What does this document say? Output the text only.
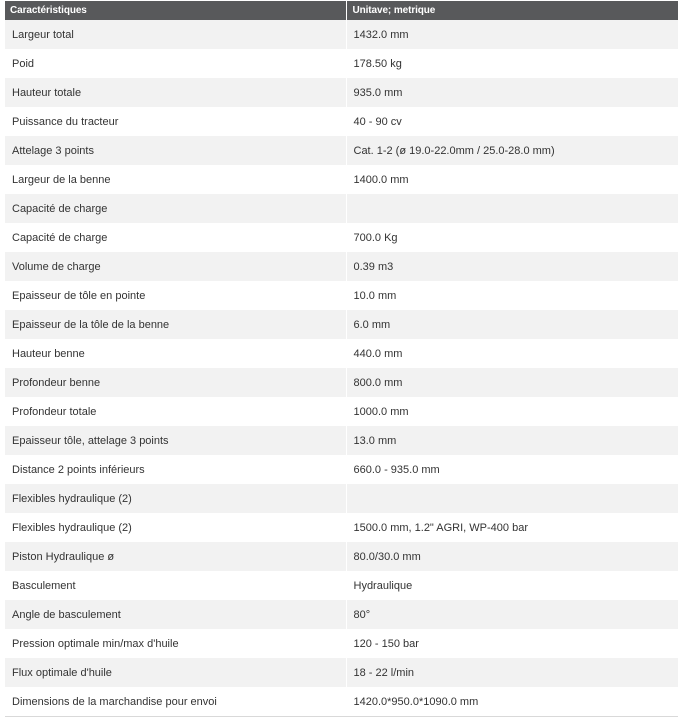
Caractéristiques	Unitave; metrique
Largeur total	1432.0 mm
Poid	178.50 kg
Hauteur totale	935.0 mm
Puissance du tracteur	40 - 90 cv
Attelage 3 points	Cat. 1-2 (ø 19.0-22.0mm / 25.0-28.0 mm)
Largeur de la benne	1400.0 mm
Capacité de charge	
Capacité de charge	700.0 Kg
Volume de charge	0.39 m3
Epaisseur de tôle en pointe	10.0 mm
Epaisseur de la tôle de la benne	6.0 mm
Hauteur benne	440.0 mm
Profondeur benne	800.0 mm
Profondeur totale	1000.0 mm
Epaisseur tôle, attelage 3 points	13.0 mm
Distance 2 points inférieurs	660.0 - 935.0 mm
Flexibles hydraulique (2)	
Flexibles hydraulique (2)	1500.0 mm, 1.2" AGRI, WP-400 bar
Piston Hydraulique ø	80.0/30.0 mm
Basculement	Hydraulique
Angle de basculement	80°
Pression optimale min/max d'huile	120 - 150 bar
Flux optimale d'huile	18 - 22 l/min
Dimensions de la marchandise pour envoi	1420.0*950.0*1090.0 mm
